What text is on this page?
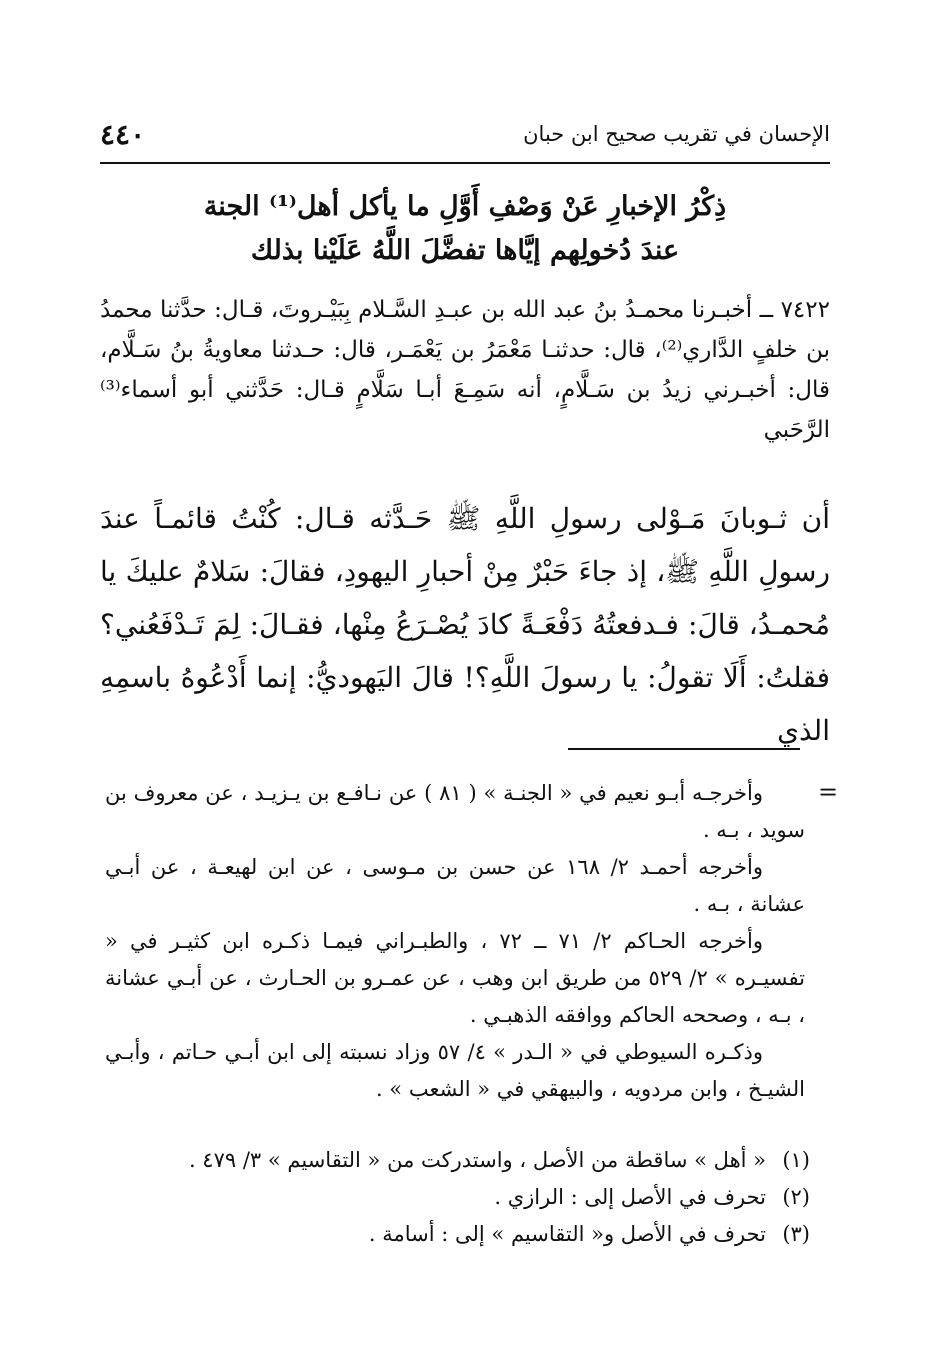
٤٤٠	الإحسان في تقريب صحيح ابن حبان
ذِكْرُ الإخبارِ عَنْ وَصْفِ أَوَّلِ ما يأكل أهل⁽¹⁾ الجنة
عندَ دُخولِهم إيَّاها تفضَّلَ اللَّهُ عَلَيْنا بذلك
٧٤٢٢ ــ أخبـرنا محمـدُ بنُ عبد الله بن عبـدِ السَّـلام بِبَيْـروتَ، قـال: حدَّثنا محمدُ بن خلفٍ الدَّاري⁽²⁾، قال: حدثنـا مَعْمَرُ بن يَعْمَـر، قال: حـدثنا معاويةُ بنُ سَـلَّام، قال: أخبـرني زيدُ بن سَـلَّامٍ، أنه سَمِـعَ أبـا سَلَّامٍ قـال: حَدَّثني أبو أسماء⁽³⁾ الرَّحَبي
أن ثـوبانَ مَـوْلى رسولِ اللَّهِ ﷺ حَـدَّثه قـال: كُنْتُ قائمـاً عندَ رسولِ اللَّهِ ﷺ، إذ جاءَ حَبْرٌ مِنْ أحبارِ اليهودِ، فقالَ: سَلامٌ عليكَ يا مُحمـدُ، قالَ: فـدفعتُهُ دَفْعَـةً كادَ يُصْـرَعُ مِنْها، فقـالَ: لِمَ تَـدْفَعُني؟ فقلتُ: أَلَا تقولُ: يا رسولَ اللَّهِ؟! قالَ اليَهوديُّ: إنما أَدْعُوهُ باسمِهِ الذي
=

وأخرجـه أبـو نعيم في « الجنـة » ( ٨١ ) عن نـافـع بن يـزيـد ، عن معروف بن سويد ، بـه .

وأخرجه أحمـد ٢/ ١٦٨ عن حسن بن مـوسى ، عن ابن لهيعـة ، عن أبـي عشانة ، بـه .

وأخرجه الحـاكم ٢/ ٧١ ــ ٧٢ ، والطبـراني فيمـا ذكـره ابن كثيـر في « تفسيـره » ٢/ ٥٢٩ من طريق ابن وهب ، عن عمـرو بن الحـارث ، عن أبـي عشانة ، بـه ، وصححه الحاكم ووافقه الذهبـي .

وذكـره السيوطي في « الـدر » ٤/ ٥٧ وزاد نسبته إلى ابن أبـي حـاتم ، وأبـي الشيـخ ، وابن مردويه ، والبيهقي في « الشعب » .

(١)
« أهل » ساقطة من الأصل ، واستدركت من « التقاسيم » ٣/ ٤٧٩ .
(٢)
تحرف في الأصل إلى : الرازي .
(٣)
تحرف في الأصل و« التقاسيم » إلى : أسامة .
